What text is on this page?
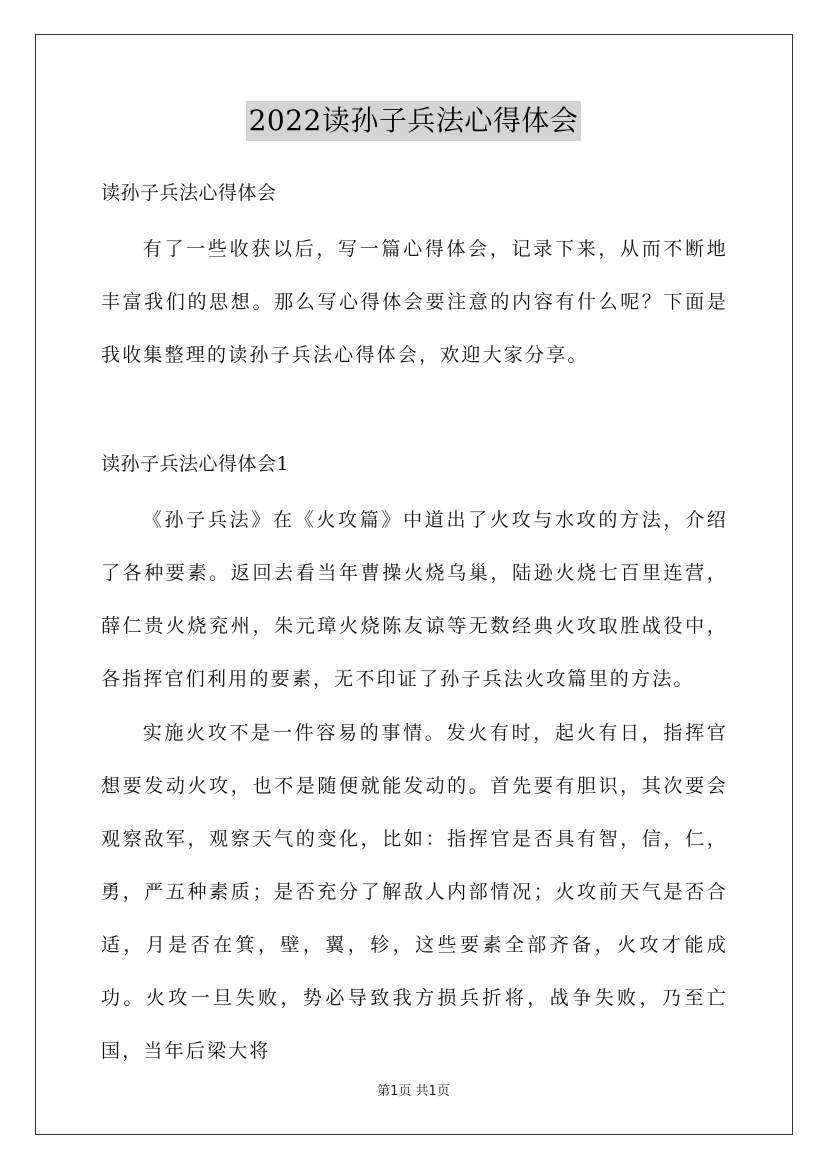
2022读孙子兵法心得体会
读孙子兵法心得体会

有了一些收获以后，写一篇心得体会，记录下来，从而不断地丰富我们的思想。那么写心得体会要注意的内容有什么呢？下面是我收集整理的读孙子兵法心得体会，欢迎大家分享。

读孙子兵法心得体会1

《孙子兵法》在《火攻篇》中道出了火攻与水攻的方法，介绍了各种要素。返回去看当年曹操火烧乌巢，陆逊火烧七百里连营，薛仁贵火烧兖州，朱元璋火烧陈友谅等无数经典火攻取胜战役中，各指挥官们利用的要素，无不印证了孙子兵法火攻篇里的方法。

实施火攻不是一件容易的事情。发火有时，起火有日，指挥官想要发动火攻，也不是随便就能发动的。首先要有胆识，其次要会观察敌军，观察天气的变化，比如：指挥官是否具有智，信，仁，勇，严五种素质；是否充分了解敌人内部情况；火攻前天气是否合适，月是否在箕，壁，翼，轸，这些要素全部齐备，火攻才能成功。火攻一旦失败，势必导致我方损兵折将，战争失败，乃至亡国，当年后梁大将

第1页 共1页
